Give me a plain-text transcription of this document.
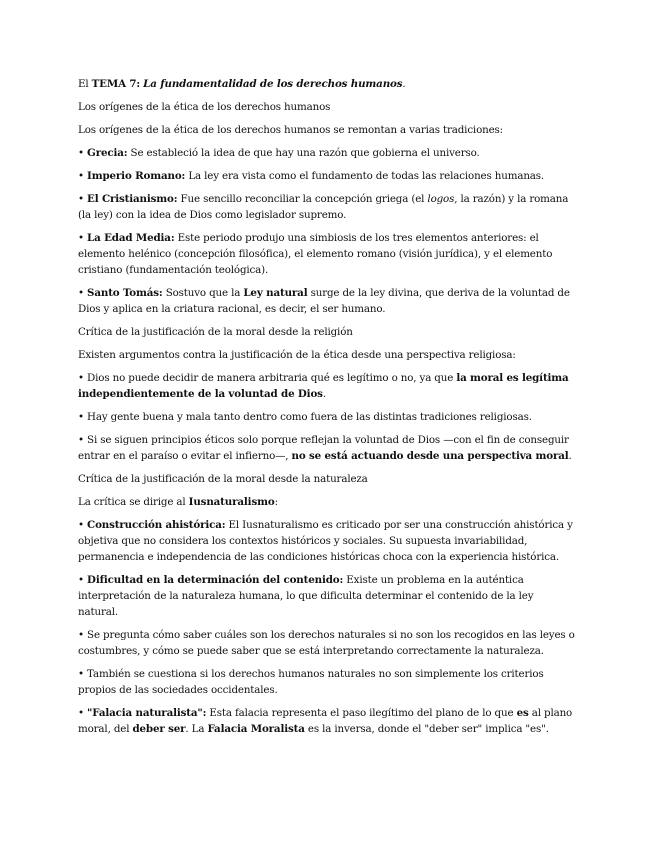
El TEMA 7: La fundamentalidad de los derechos humanos.

Los orígenes de la ética de los derechos humanos

Los orígenes de la ética de los derechos humanos se remontan a varias tradiciones:

• Grecia: Se estableció la idea de que hay una razón que gobierna el universo.

• Imperio Romano: La ley era vista como el fundamento de todas las relaciones humanas.

• El Cristianismo: Fue sencillo reconciliar la concepción griega (el logos, la razón) y la romana (la ley) con la idea de Dios como legislador supremo.

• La Edad Media: Este periodo produjo una simbiosis de los tres elementos anteriores: el elemento helénico (concepción filosófica), el elemento romano (visión jurídica), y el elemento cristiano (fundamentación teológica).

• Santo Tomás: Sostuvo que la Ley natural surge de la ley divina, que deriva de la voluntad de Dios y aplica en la criatura racional, es decir, el ser humano.

Crítica de la justificación de la moral desde la religión

Existen argumentos contra la justificación de la ética desde una perspectiva religiosa:

• Dios no puede decidir de manera arbitraria qué es legítimo o no, ya que la moral es legítima independientemente de la voluntad de Dios.

• Hay gente buena y mala tanto dentro como fuera de las distintas tradiciones religiosas.

• Si se siguen principios éticos solo porque reflejan la voluntad de Dios —con el fin de conseguir entrar en el paraíso o evitar el infierno—, no se está actuando desde una perspectiva moral.

Crítica de la justificación de la moral desde la naturaleza

La crítica se dirige al Iusnaturalismo:

• Construcción ahistórica: El Iusnaturalismo es criticado por ser una construcción ahistórica y objetiva que no considera los contextos históricos y sociales. Su supuesta invariabilidad, permanencia e independencia de las condiciones históricas choca con la experiencia histórica.

• Dificultad en la determinación del contenido: Existe un problema en la auténtica interpretación de la naturaleza humana, lo que dificulta determinar el contenido de la ley natural.

• Se pregunta cómo saber cuáles son los derechos naturales si no son los recogidos en las leyes o costumbres, y cómo se puede saber que se está interpretando correctamente la naturaleza.

• También se cuestiona si los derechos humanos naturales no son simplemente los criterios propios de las sociedades occidentales.

• "Falacia naturalista": Esta falacia representa el paso ilegítimo del plano de lo que es al plano moral, del deber ser. La Falacia Moralista es la inversa, donde el "deber ser" implica "es".
